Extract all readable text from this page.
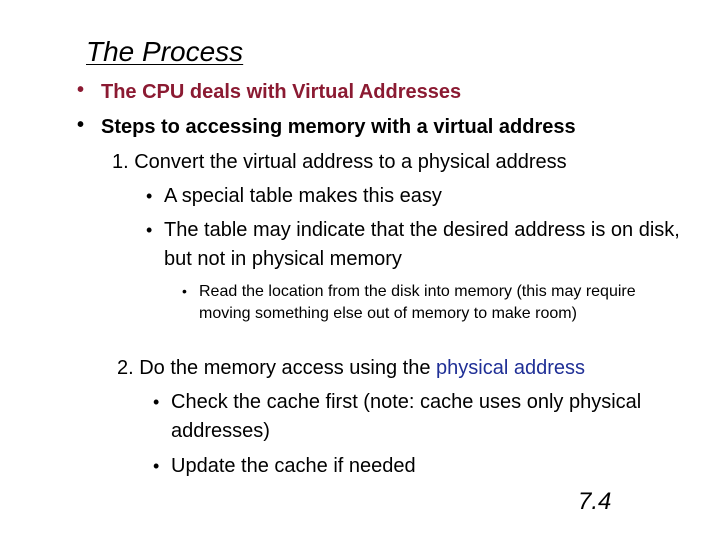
The Process
• The CPU deals with Virtual Addresses
• Steps to accessing memory with a virtual address
1. Convert the virtual address to a physical address
• A special table makes this easy
• The table may indicate that the desired address is on disk, but not in physical memory
• Read the location from the disk into memory (this may require moving something else out of memory to make room)
2. Do the memory access using the physical address
• Check the cache first (note: cache uses only physical addresses)
• Update the cache if needed
7.4
